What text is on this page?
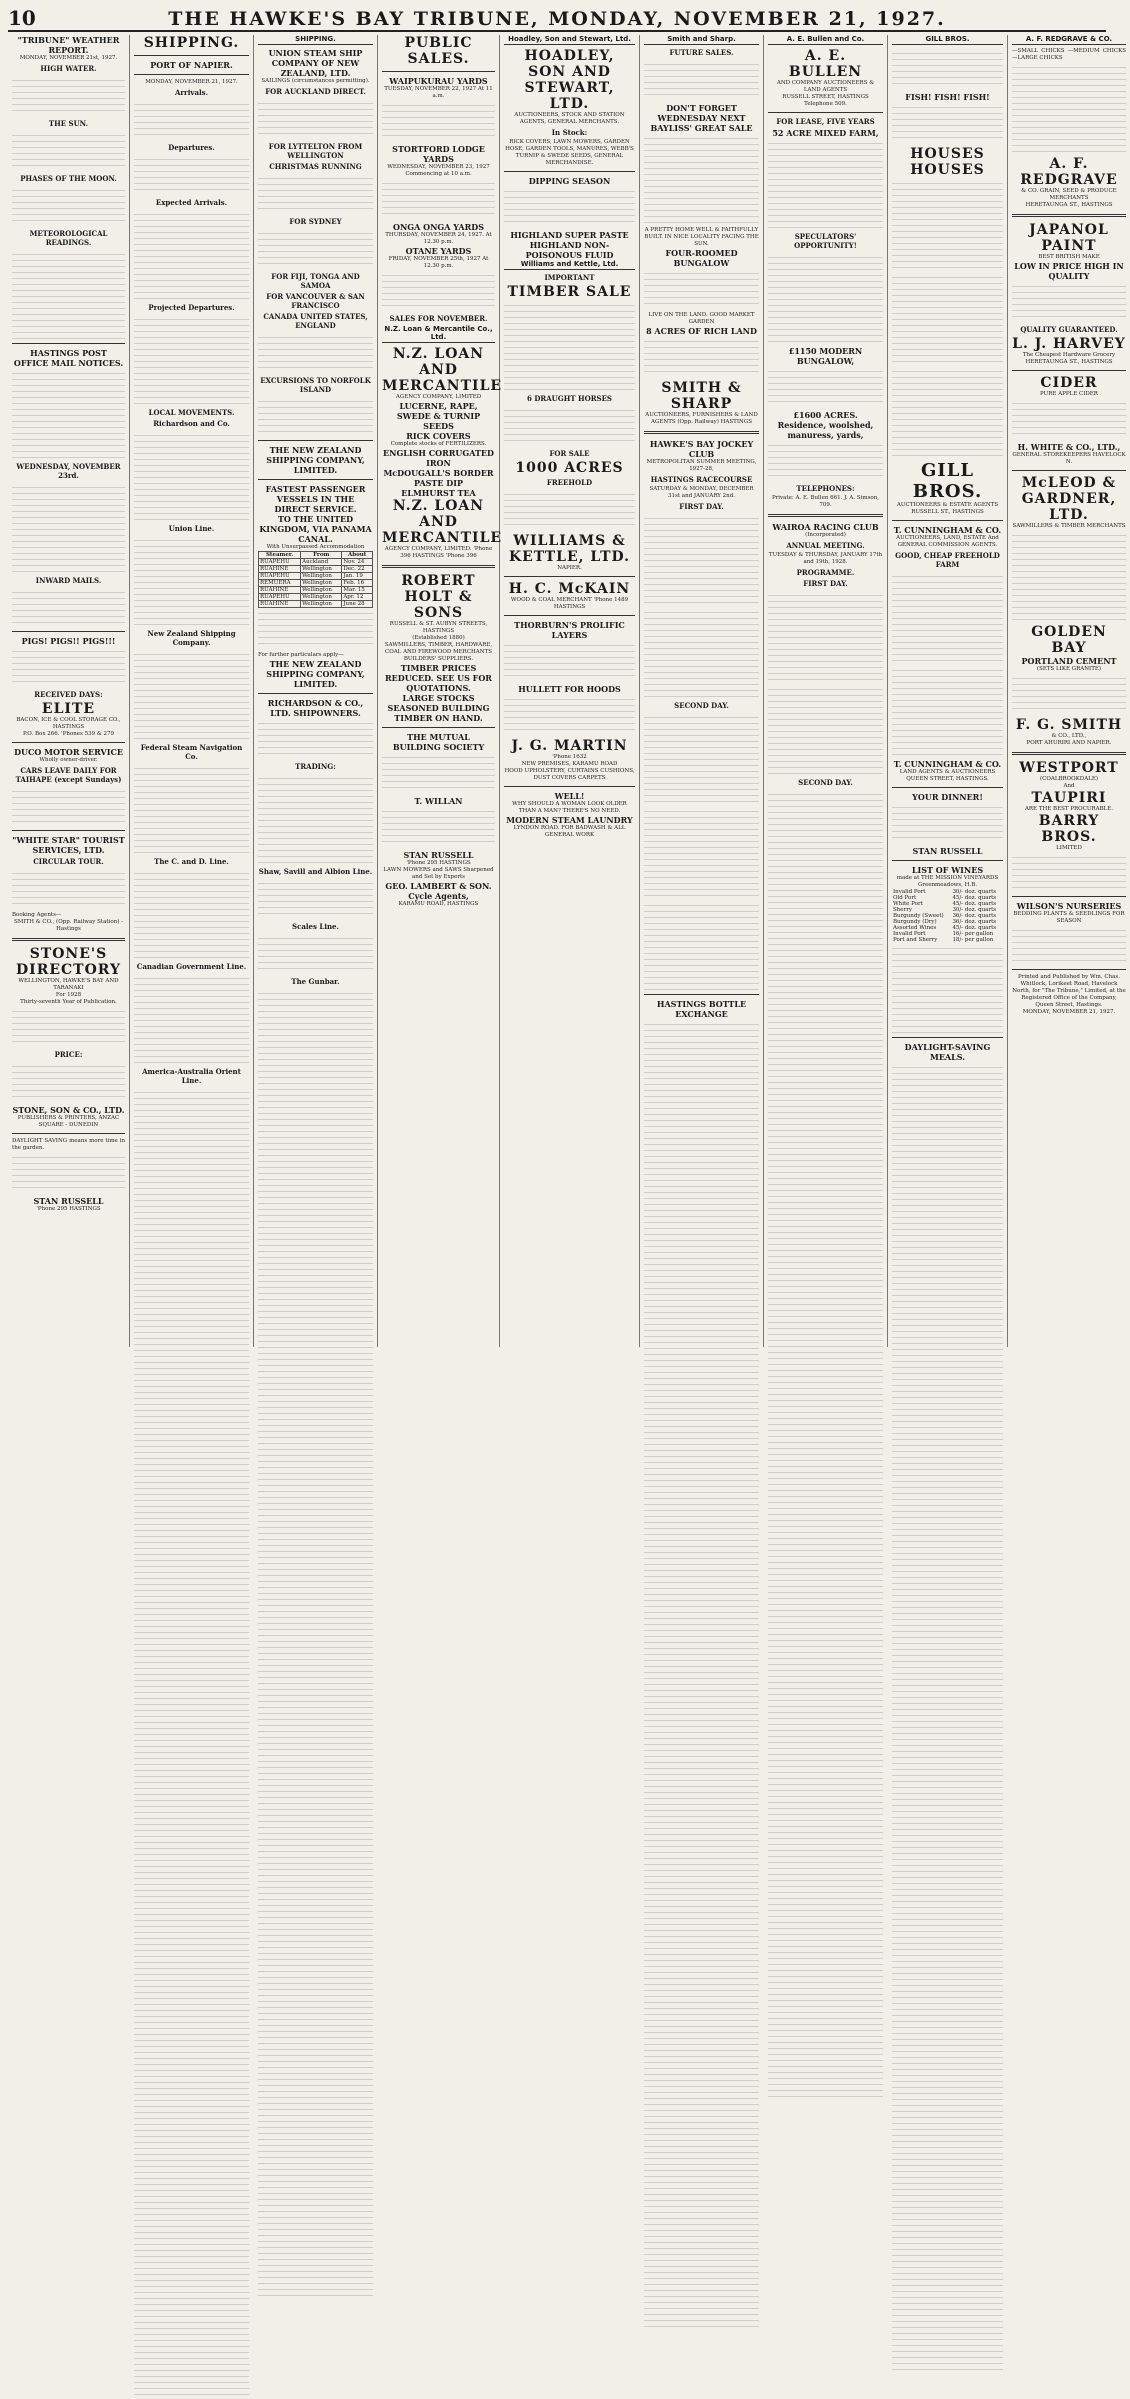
10	THE HAWKE'S BAY TRIBUNE, MONDAY, NOVEMBER 21, 1927.
"TRIBUNE" WEATHER REPORT.
MONDAY, NOVEMBER 21st, 1927.
HIGH WATER.
THE SUN.
PHASES OF THE MOON.
METEOROLOGICAL READINGS.
HASTINGS POST OFFICE MAIL NOTICES.
WEDNESDAY, NOVEMBER 23rd.
INWARD MAILS.
PIGS! PIGS!! PIGS!!!
RECEIVED DAYS:
ELITE
BACON, ICE & COOL STORAGE CO., HASTINGS
P.O. Box 266. 'Phones 539 & 279
DUCO MOTOR SERVICE
Wholly owner-driver.
CARS LEAVE DAILY FOR TAIHAPE (except Sundays)
"WHITE STAR" TOURIST SERVICES, LTD.
CIRCULAR TOUR.
Booking Agents—
SMITH & CO., (Opp. Railway Station) - Hastings
STONE'S DIRECTORY
WELLINGTON, HAWKE'S BAY AND TARANAKI
For 1928
Thirty-seventh Year of Publication.
PRICE:
STONE, SON & CO., LTD.
PUBLISHERS & PRINTERS, ANZAC SQUARE - DUNEDIN
DAYLIGHT SAVING means more time in the garden.
STAN RUSSELL
'Phone 295 HASTINGS
SHIPPING.
PORT OF NAPIER.
MONDAY, NOVEMBER 21, 1927.
Arrivals.
Departures.
Expected Arrivals.
Projected Departures.
LOCAL MOVEMENTS.
Richardson and Co.
Union Line.
New Zealand Shipping Company.
Federal Steam Navigation Co.
The C. and D. Line.
Canadian Government Line.
America-Australia Orient Line.
SHIPPING.
UNION STEAM SHIP COMPANY OF NEW ZEALAND, LTD.
SAILINGS (circumstances permitting).
FOR AUCKLAND DIRECT.
FOR LYTTELTON FROM WELLINGTON
CHRISTMAS RUNNING
FOR SYDNEY
FOR FIJI, TONGA AND SAMOA
FOR VANCOUVER & SAN FRANCISCO
CANADA UNITED STATES, ENGLAND
EXCURSIONS TO NORFOLK ISLAND
THE NEW ZEALAND SHIPPING COMPANY, LIMITED.
FASTEST PASSENGER VESSELS IN THE DIRECT SERVICE.
TO THE UNITED KINGDOM, VIA PANAMA CANAL.
With Unsurpassed Accommodation
Steamer.	From	About
RUAPEHU	Auckland	Nov. 24
RUAHINE	Wellington	Dec. 22
RUAPEHU	Wellington	Jan. 19
REMUERA	Wellington	Feb. 16
RUAHINE	Wellington	Mar. 15
RUAPEHU	Wellington	Apr. 12
RUAHINE	Wellington	June 28
For further particulars apply—
THE NEW ZEALAND SHIPPING COMPANY, LIMITED.
RICHARDSON & CO., LTD. SHIPOWNERS.
TRADING:
Shaw, Savill and Albion Line.
Scales Line.
The Gunbar.
PUBLIC SALES.
WAIPUKURAU YARDS
TUESDAY, NOVEMBER 22, 1927 At 11 a.m.
STORTFORD LODGE YARDS
WEDNESDAY, NOVEMBER 23, 1927 Commencing at 10 a.m.
ONGA ONGA YARDS
THURSDAY, NOVEMBER 24, 1927. At 12.30 p.m.
OTANE YARDS
FRIDAY, NOVEMBER 25th, 1927 At 12.30 p.m.
SALES FOR NOVEMBER.
N.Z. Loan & Mercantile Co., Ltd.
N.Z. LOAN AND MERCANTILE
AGENCY COMPANY, LIMITED
LUCERNE, RAPE, SWEDE & TURNIP SEEDS
RICK COVERS
Complete stocks of FERTILIZERS.
ENGLISH CORRUGATED IRON
McDOUGALL'S BORDER PASTE DIP
ELMHURST TEA
N.Z. LOAN AND MERCANTILE
AGENCY COMPANY, LIMITED. 'Phone 396 HASTINGS 'Phone 396
ROBERT HOLT & SONS
RUSSELL & ST. AUBYN STREETS, HASTINGS
(Established 1880)
SAWMILLERS, TIMBER, HARDWARE, COAL AND FIREWOOD MERCHANTS
BUILDERS' SUPPLIERS.
TIMBER PRICES REDUCED. SEE US FOR QUOTATIONS.
LARGE STOCKS SEASONED BUILDING TIMBER ON HAND.
THE MUTUAL BUILDING SOCIETY
T. WILLAN
STAN RUSSELL
'Phone 295 HASTINGS
LAWN MOWERS and SAWS Sharpened and Set by Experts
GEO. LAMBERT & SON. Cycle Agents,
KARAMU ROAD, HASTINGS
Hoadley, Son and Stewart, Ltd.
HOADLEY, SON AND STEWART, LTD.
AUCTIONEERS, STOCK AND STATION AGENTS, GENERAL MERCHANTS.
In Stock:
RICK COVERS, LAWN MOWERS, GARDEN HOSE, GARDEN TOOLS, MANURES, WEBB'S TURNIP & SWEDE SEEDS, GENERAL MERCHANDISE.
DIPPING SEASON
HIGHLAND SUPER PASTE
HIGHLAND NON-POISONOUS FLUID
Williams and Kettle, Ltd.
IMPORTANT
TIMBER SALE
6 DRAUGHT HORSES
FOR SALE
1000 ACRES
FREEHOLD
WILLIAMS & KETTLE, LTD.
NAPIER.
H. C. McKAIN
WOOD & COAL MERCHANT 'Phone 1489 HASTINGS
THORBURN'S PROLIFIC LAYERS
HULLETT FOR HOODS
J. G. MARTIN
'Phone 1632
NEW PREMISES, KARAMU ROAD
HOOD UPHOLSTERY, CURTAINS CUSHIONS, DUST COVERS CARPETS
WELL!
WHY SHOULD A WOMAN LOOK OLDER THAN A MAN? THERE'S NO NEED.
MODERN STEAM LAUNDRY
LYNDON ROAD. FOR BADWASH & ALL GENERAL WORK
Smith and Sharp.
FUTURE SALES.
DON'T FORGET WEDNESDAY NEXT
BAYLISS' GREAT SALE
A PRETTY HOME WELL & FAITHFULLY BUILT. IN NICE LOCALITY FACING THE SUN.
FOUR-ROOMED BUNGALOW
LIVE ON THE LAND. GOOD MARKET GARDEN
8 ACRES OF RICH LAND
SMITH & SHARP
AUCTIONEERS, FURNISHERS & LAND AGENTS (Opp. Railway) HASTINGS
HAWKE'S BAY JOCKEY CLUB
METROPOLITAN SUMMER MEETING, 1927-28,
HASTINGS RACECOURSE
SATURDAY & MONDAY, DECEMBER 31st and JANUARY 2nd.
FIRST DAY.
SECOND DAY.
HASTINGS BOTTLE EXCHANGE
A. E. Bullen and Co.
A. E. BULLEN
AND COMPANY AUCTIONEERS & LAND AGENTS
RUSSELL STREET, HASTINGS Telephone 509.
FOR LEASE, FIVE YEARS
52 ACRE MIXED FARM,
SPECULATORS' OPPORTUNITY!
£1150 MODERN BUNGALOW,
£1600 ACRES. Residence, woolshed, manuress, yards,
TELEPHONES:
Private: A. E. Bullen 661. J. A. Simson, 709.
WAIROA RACING CLUB
(Incorporated)
ANNUAL MEETING.
TUESDAY & THURSDAY, JANUARY 17th and 19th, 1928.
PROGRAMME.
FIRST DAY.
SECOND DAY.
GILL BROS.
FISH! FISH! FISH!
HOUSES HOUSES
GILL BROS.
AUCTIONEERS & ESTATE AGENTS
RUSSELL ST., HASTINGS
T. CUNNINGHAM & CO.
AUCTIONEERS, LAND, ESTATE And GENERAL COMMISSION AGENTS.
GOOD, CHEAP FREEHOLD FARM
T. CUNNINGHAM & CO.
LAND AGENTS & AUCTIONEERS
QUEEN STREET, HASTINGS.
YOUR DINNER!
STAN RUSSELL
LIST OF WINES
made at THE MISSION VINEYARDS Greenmeadows, H.B.
Invalid Port	30/- doz. quarts
Old Port	45/- doz. quarts
White Port	45/- doz. quarts
Sherry	30/- doz. quarts
Burgundy (Sweet)	36/- doz. quarts
Burgundy (Dry)	36/- doz. quarts
Assorted Wines	45/- doz. quarts
Invalid Port	16/- per gallon
Port and Sherry	18/- per gallon
DAYLIGHT-SAVING MEALS.
A. F. REDGRAVE & CO.
—SMALL CHICKS —MEDIUM CHICKS —LARGE CHICKS
A. F. REDGRAVE
& CO. GRAIN, SEED & PRODUCE MERCHANTS
HERETAUNGA ST., HASTINGS
JAPANOL PAINT
BEST BRITISH MAKE
LOW IN PRICE HIGH IN QUALITY
QUALITY GUARANTEED.
L. J. HARVEY
The Cheapest Hardware Grocery
HERETAUNGA ST., HASTINGS
CIDER
PURE APPLE CIDER
H. WHITE & CO., LTD.,
GENERAL STOREKEEPERS HAVELOCK N.
McLEOD & GARDNER, LTD.
SAWMILLERS & TIMBER MERCHANTS
GOLDEN BAY
PORTLAND CEMENT
(SETS LIKE GRANITE)
F. G. SMITH
& CO., LTD.,
PORT AHURIRI AND NAPIER.
WESTPORT
(COALBROOKDALE)
And
TAUPIRI
ARE THE BEST PROCURABLE.
BARRY BROS.
LIMITED
WILSON'S NURSERIES
BEDDING PLANTS & SEEDLINGS FOR SEASON
Printed and Published by Wm. Chas. Whitlock, Lorikeet Road, Havelock North, for "The Tribune," Limited, at the Registered Office of the Company, Queen Street, Hastings.
MONDAY, NOVEMBER 21, 1927.
